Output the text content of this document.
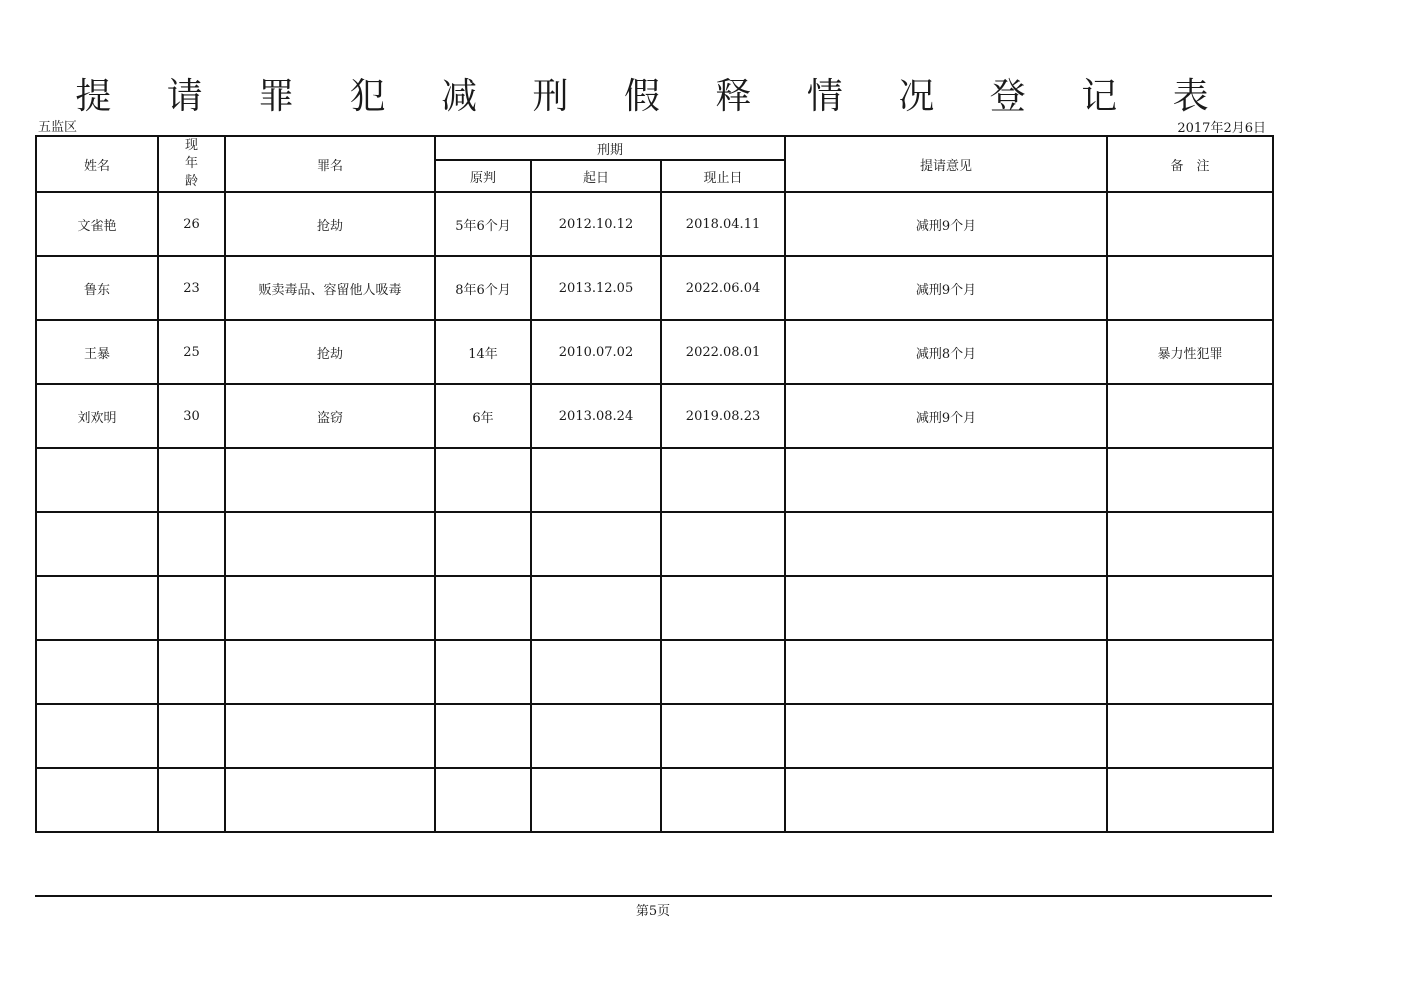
提 请 罪 犯 减 刑 假 释 情 况 登 记 表
五监区	2017年2月6日
姓名	现
年
龄	罪名	刑期			提请意见	备　注
			原判	起日	现止日		
文雀艳	26	抢劫	5年6个月	2012.10.12	2018.04.11	减刑9个月	
鲁东	23	贩卖毒品、容留他人吸毒	8年6个月	2013.12.05	2022.06.04	减刑9个月	
王暴	25	抢劫	14年	2010.07.02	2022.08.01	减刑8个月	暴力性犯罪
刘欢明	30	盗窃	6年	2013.08.24	2019.08.23	减刑9个月	

第5页
